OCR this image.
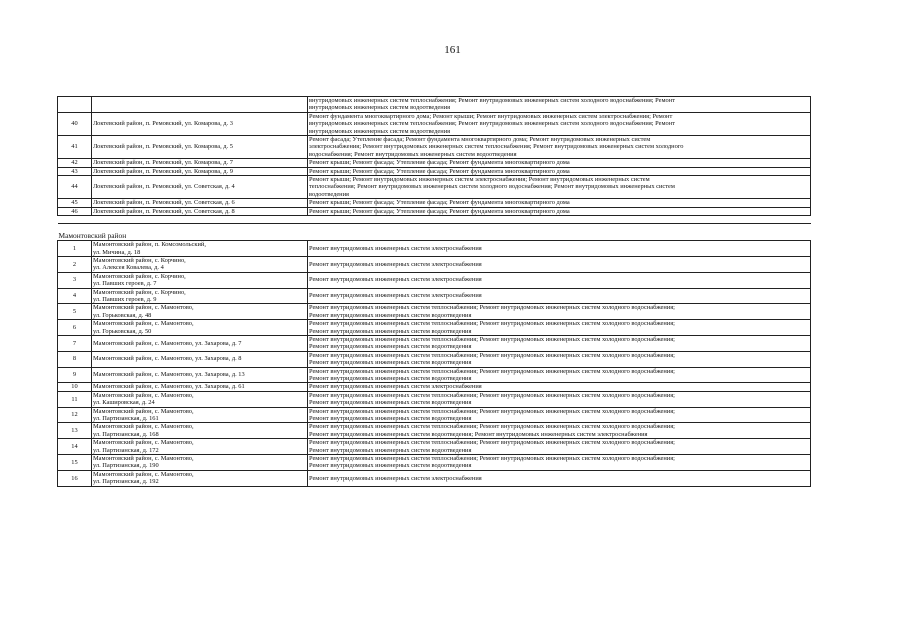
161

		внутридомовых инженерных систем теплоснабжения; Ремонт внутридомовых инженерных систем холодного водоснабжения; Ремонт
внутридомовых инженерных систем водоотведения

40	Локтевский район, п. Ремовский, ул. Комарова, д. 3	Ремонт фундамента многоквартирного дома; Ремонт крыши; Ремонт внутридомовых инженерных систем электроснабжения; Ремонт
внутридомовых инженерных систем теплоснабжения; Ремонт внутридомовых инженерных систем холодного водоснабжения; Ремонт
внутридомовых инженерных систем водоотведения

41	Локтевский район, п. Ремовский, ул. Комарова, д. 5	Ремонт фасада; Утепление фасада; Ремонт фундамента многоквартирного дома; Ремонт внутридомовых инженерных систем
электроснабжения; Ремонт внутридомовых инженерных систем теплоснабжения; Ремонт внутридомовых инженерных систем холодного
водоснабжения; Ремонт внутридомовых инженерных систем водоотведения

42	Локтевский район, п. Ремовский, ул. Комарова, д. 7	Ремонт крыши; Ремонт фасада; Утепление фасада; Ремонт фундамента многоквартирного дома

43	Локтевский район, п. Ремовский, ул. Комарова, д. 9	Ремонт крыши; Ремонт фасада; Утепление фасада; Ремонт фундамента многоквартирного дома

44	Локтевский район, п. Ремовский, ул. Советская, д. 4	Ремонт крыши; Ремонт внутридомовых инженерных систем электроснабжения; Ремонт внутридомовых инженерных систем
теплоснабжения; Ремонт внутридомовых инженерных систем холодного водоснабжения; Ремонт внутридомовых инженерных систем
водоотведения

45	Локтевский район, п. Ремовский, ул. Советская, д. 6	Ремонт крыши; Ремонт фасада; Утепление фасада; Ремонт фундамента многоквартирного дома

46	Локтевский район, п. Ремовский, ул. Советская, д. 8	Ремонт крыши; Ремонт фасада; Утепление фасада; Ремонт фундамента многоквартирного дома

Мамонтовский район		
1	Мамонтовский район, п. Комсомольский,
ул. Мичина, д. 18	Ремонт внутридомовых инженерных систем электроснабжения

2	Мамонтовский район, с. Корчино,
ул. Алексея Ковалева, д. 4	Ремонт внутридомовых инженерных систем электроснабжения

3	Мамонтовский район, с. Корчино,
ул. Павших героев, д. 7	Ремонт внутридомовых инженерных систем электроснабжения

4	Мамонтовский район, с. Корчино,
ул. Павших героев, д. 9	Ремонт внутридомовых инженерных систем электроснабжения

5	Мамонтовский район, с. Мамонтово,
ул. Горьковская, д. 48	Ремонт внутридомовых инженерных систем теплоснабжения; Ремонт внутридомовых инженерных систем холодного водоснабжения;
Ремонт внутридомовых инженерных систем водоотведения

6	Мамонтовский район, с. Мамонтово,
ул. Горьковская, д. 50	Ремонт внутридомовых инженерных систем теплоснабжения; Ремонт внутридомовых инженерных систем холодного водоснабжения;
Ремонт внутридомовых инженерных систем водоотведения

7	Мамонтовский район, с. Мамонтово, ул. Захарова, д. 7	Ремонт внутридомовых инженерных систем теплоснабжения; Ремонт внутридомовых инженерных систем холодного водоснабжения;
Ремонт внутридомовых инженерных систем водоотведения

8	Мамонтовский район, с. Мамонтово, ул. Захарова, д. 8	Ремонт внутридомовых инженерных систем теплоснабжения; Ремонт внутридомовых инженерных систем холодного водоснабжения;
Ремонт внутридомовых инженерных систем водоотведения

9	Мамонтовский район, с. Мамонтово, ул. Захарова, д. 13	Ремонт внутридомовых инженерных систем теплоснабжения; Ремонт внутридомовых инженерных систем холодного водоснабжения;
Ремонт внутридомовых инженерных систем водоотведения

10	Мамонтовский район, с. Мамонтово, ул. Захарова, д. 61	Ремонт внутридомовых инженерных систем электроснабжения

11	Мамонтовский район, с. Мамонтово,
ул. Кашировская, д. 24	Ремонт внутридомовых инженерных систем теплоснабжения; Ремонт внутридомовых инженерных систем холодного водоснабжения;
Ремонт внутридомовых инженерных систем водоотведения

12	Мамонтовский район, с. Мамонтово,
ул. Партизанская, д. 161	Ремонт внутридомовых инженерных систем теплоснабжения; Ремонт внутридомовых инженерных систем холодного водоснабжения;
Ремонт внутридомовых инженерных систем водоотведения

13	Мамонтовский район, с. Мамонтово,
ул. Партизанская, д. 168	Ремонт внутридомовых инженерных систем теплоснабжения; Ремонт внутридомовых инженерных систем холодного водоснабжения;
Ремонт внутридомовых инженерных систем водоотведения; Ремонт внутридомовых инженерных систем электроснабжения

14	Мамонтовский район, с. Мамонтово,
ул. Партизанская, д. 172	Ремонт внутридомовых инженерных систем теплоснабжения; Ремонт внутридомовых инженерных систем холодного водоснабжения;
Ремонт внутридомовых инженерных систем водоотведения

15	Мамонтовский район, с. Мамонтово,
ул. Партизанская, д. 190	Ремонт внутридомовых инженерных систем теплоснабжения; Ремонт внутридомовых инженерных систем холодного водоснабжения;
Ремонт внутридомовых инженерных систем водоотведения

16	Мамонтовский район, с. Мамонтово,
ул. Партизанская, д. 192	Ремонт внутридомовых инженерных систем электроснабжения
